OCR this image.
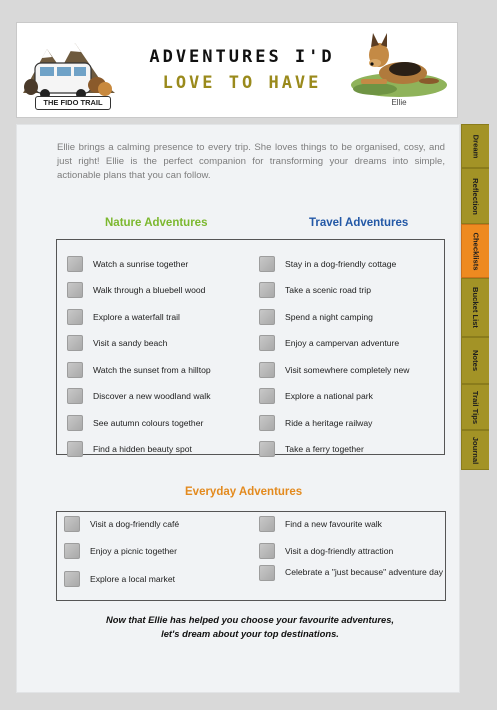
THE FIDO TRAIL
ADVENTURES I'D
LOVE TO HAVE
Ellie

Ellie brings a calming presence to every trip. She loves things to be organised, cosy, and just right! Ellie is the perfect companion for transforming your dreams into simple, actionable plans that you can follow.

Nature Adventures	Travel Adventures
Watch a sunrise together
Walk through a bluebell wood
Explore a waterfall trail
Visit a sandy beach
Watch the sunset from a hilltop
Discover a new woodland walk
See autumn colours together
Find a hidden beauty spot
Stay in a dog-friendly cottage
Take a scenic road trip
Spend a night camping
Enjoy a campervan adventure
Visit somewhere completely new
Explore a national park
Ride a heritage railway
Take a ferry together
Everyday Adventures
Visit a dog-friendly café
Enjoy a picnic together
Explore a local market
Find a new favourite walk
Visit a dog-friendly attraction
Celebrate a "just because" adventure day
Now that Ellie has helped you choose your favourite adventures,
let's dream about your top destinations.
Dream
Reflection
Checklists
Bucket List
Notes
Trail Tips
Journal
